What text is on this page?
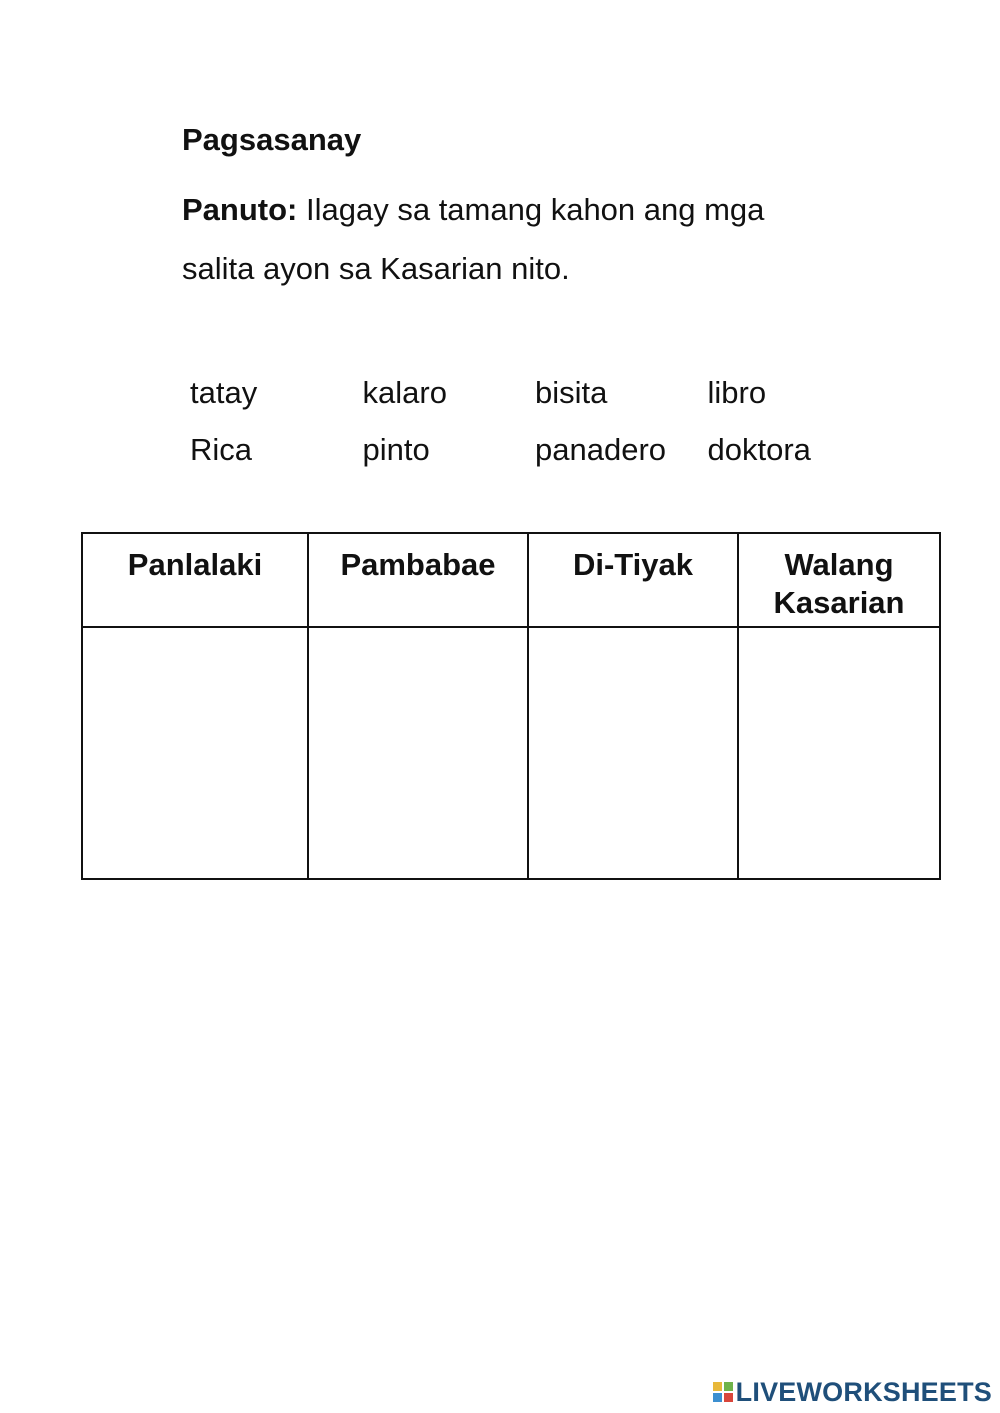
Pagsasanay

Panuto: Ilagay sa tamang kahon ang mga
salita ayon sa Kasarian nito.

tatay	kalaro	bisita	libro
Rica	pinto	panadero	doktora
Panlalaki	Pambabae	Di-Tiyak	Walang
Kasarian

LIVEWORKSHEETS
